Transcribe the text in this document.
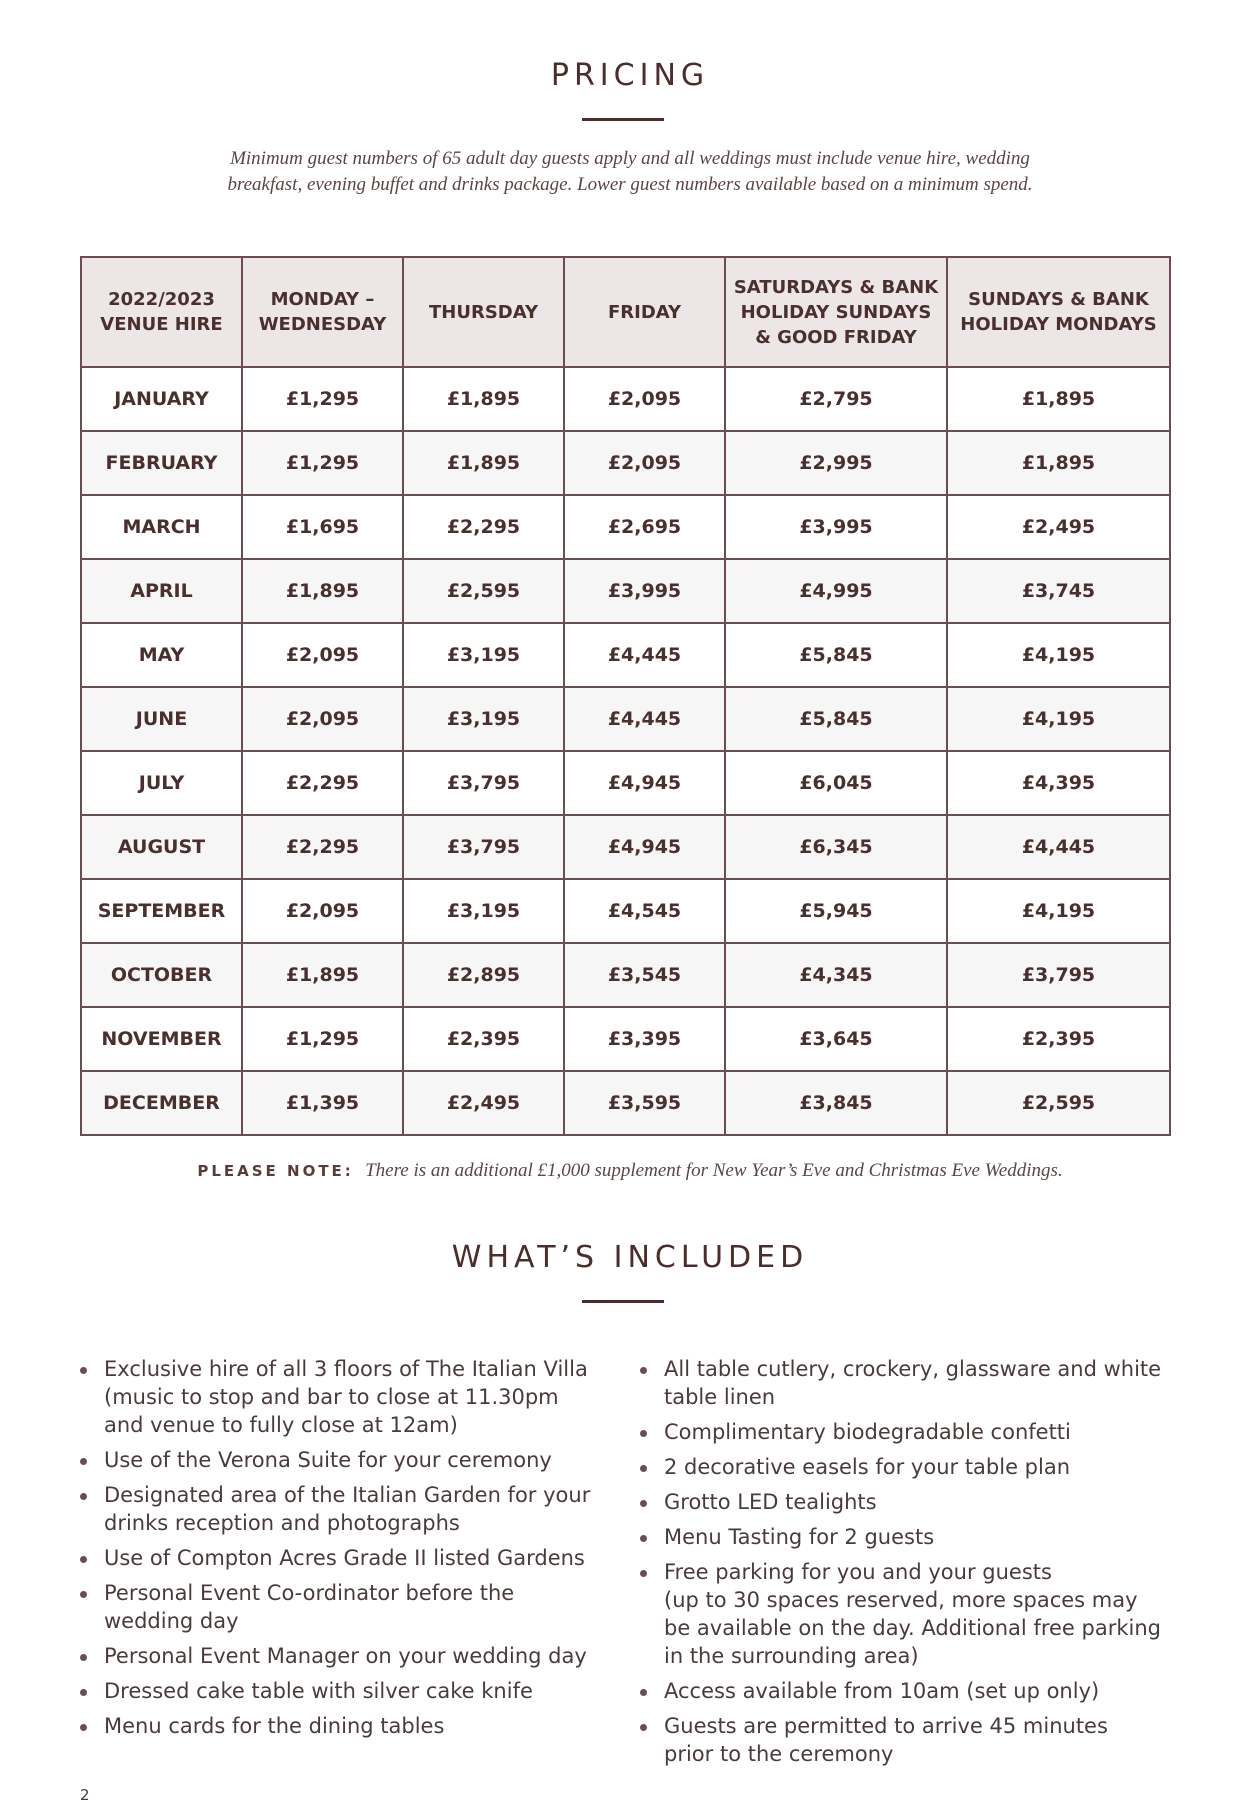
PRICING

Minimum guest numbers of 65 adult day guests apply and all weddings must include venue hire, wedding breakfast, evening buffet and drinks package. Lower guest numbers available based on a minimum spend.

2022/2023 VENUE HIRE	MONDAY – WEDNESDAY	THURSDAY	FRIDAY	SATURDAYS & BANK HOLIDAY SUNDAYS & GOOD FRIDAY	SUNDAYS & BANK HOLIDAY MONDAYS
JANUARY	£1,295	£1,895	£2,095	£2,795	£1,895
FEBRUARY	£1,295	£1,895	£2,095	£2,995	£1,895
MARCH	£1,695	£2,295	£2,695	£3,995	£2,495
APRIL	£1,895	£2,595	£3,995	£4,995	£3,745
MAY	£2,095	£3,195	£4,445	£5,845	£4,195
JUNE	£2,095	£3,195	£4,445	£5,845	£4,195
JULY	£2,295	£3,795	£4,945	£6,045	£4,395
AUGUST	£2,295	£3,795	£4,945	£6,345	£4,445
SEPTEMBER	£2,095	£3,195	£4,545	£5,945	£4,195
OCTOBER	£1,895	£2,895	£3,545	£4,345	£3,795
NOVEMBER	£1,295	£2,395	£3,395	£3,645	£2,395
DECEMBER	£1,395	£2,495	£3,595	£3,845	£2,595

PLEASE NOTE: There is an additional £1,000 supplement for New Year’s Eve and Christmas Eve Weddings.

WHAT’S INCLUDED
Exclusive hire of all 3 floors of The Italian Villa
(music to stop and bar to close at 11.30pm
and venue to fully close at 12am)
Use of the Verona Suite for your ceremony
Designated area of the Italian Garden for your
drinks reception and photographs
Use of Compton Acres Grade II listed Gardens
Personal Event Co-ordinator before the
wedding day
Personal Event Manager on your wedding day
Dressed cake table with silver cake knife
Menu cards for the dining tables
All table cutlery, crockery, glassware and white
table linen
Complimentary biodegradable confetti
2 decorative easels for your table plan
Grotto LED tealights
Menu Tasting for 2 guests
Free parking for you and your guests
(up to 30 spaces reserved, more spaces may
be available on the day. Additional free parking
in the surrounding area)
Access available from 10am (set up only)
Guests are permitted to arrive 45 minutes
prior to the ceremony
2
